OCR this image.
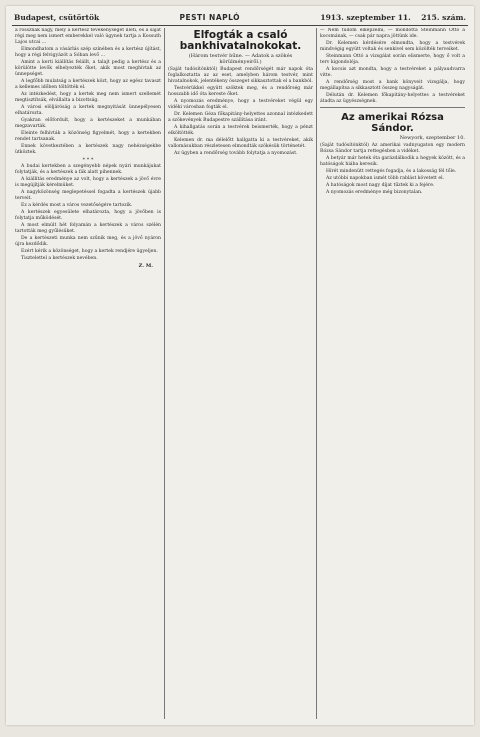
Budapest, csütörtök	PESTI NAPLÓ	1913. szeptember 11. 215. szám.

a rossznak nagy, mely a kertész tevékenységét illeti, és a saját régi meg nem ismert emberekkel való ügynek tartja a Kossuth Lajos utcai ...

Elmondhatom a vásárlás szép színében és a kertész újítást, hogy a régi felvigyázót a Sóban levő ...

Amint a kerti kiállítás felállt, a talajt pedig a kertész és a körülötte levők elhelyezték őket, akik most meghívtak az ünnepséget.

A legfőbb mulatság a kertészek közt, hogy az egész tavaszt a kellemes időben töltötték el.

Az intézkedést, hogy a kertek meg nem ismert szellemét megtisztítsák, elvállalta a bizottság.

A városi elöljáróság a kertek megnyitását ünnepélyesen elhatározta.

Gyakran előfordult, hogy a kertészeket a munkában megzavarták.

Eleinte felhívták a közönség figyelmét, hogy a kertekben rendet tartsanak.

Ennek következtében a kertészek nagy nehézségekbe ütköztek.

* * *

A budai kertekben a szegényebb népek nyári munkájukat folytatják, és a kertészek a fák alatt pihennek.

A kiállítás eredménye az volt, hogy a kertészek a jövő évre is megújítják kérelmüket.

A nagyközönség meglepetéssel fogadta a kertészek újabb terveit.

Ez a kérdés most a város vezetőségére tartozik.

A kertészek egyesülete elhatározta, hogy a jövőben is folytatja működését.

A most elmúlt hét folyamán a kertészek a város szélén tartották meg gyűlésüket.

De a kertészeti munka nem szűnik meg, és a jövő nyáron újra kezdődik.

Ezért kérik a közönséget, hogy a kertek rendjére ügyeljen.

Tisztelettel a kertészek nevében.

Z. M.
Elfogták a csaló bankhivatalnokokat.
(Három testvér bűne. — Adatok a szökés körülményeiről.)

(Saját tudósítónktól) Budapest rendőrségét már napok óta foglalkoztatta az az eset, amelyben három testvér, mint hivatalnokok, jelentékeny összeget sikkasztottak el a bankból.

Testvérükkel együtt szöktek meg, és a rendőrség már hosszabb idő óta kereste őket.

A nyomozás eredménye, hogy a testvéreket végül egy vidéki városban fogták el.

Dr. Kelemen Géza főkapitány-helyettes azonnal intézkedett a szökevények Budapestre szállítása iránt.

A kihallgatás során a testvérek beismerték, hogy a pénzt elköltötték.

Kelemen dr. ma délelőtt hallgatta ki a testvéreket, akik vallomásukban részletesen elmondták szökésük történetét.

Az ügyben a rendőrség tovább folytatja a nyomozást.

— Nem tudom elképzelni, — mondotta Steinmann Ottó a kocsmának, — csak pár napra jöttünk ide.

Dr. Kelemen kérdésére elmondta, hogy a testvérek mindvégig együtt voltak és senkivel sem közölték terveiket.

Steinmann Ottó a vizsgálat során elismerte, hogy ő volt a terv kigondolója.

A kocsis azt mondta, hogy a testvéreket a pályaudvarra vitte.

A rendőrség most a bank könyveit vizsgálja, hogy megállapítsa a sikkasztott összeg nagyságát.

Délután dr. Kelemen főkapitány-helyettes a testvéreket átadta az ügyészségnek.

Az amerikai Rózsa Sándor.
Newyork, szeptember 10.

(Saját tudósítónktól) Az amerikai vadnyugaton egy modern Rózsa Sándor tartja rettegésben a vidéket.

A betyár már hetek óta garázdálkodik a hegyek között, és a hatóságok hiába keresik.

Hírét mindenütt rettegés fogadja, és a lakosság fél tőle.

Az utóbbi napokban ismét több rablást követett el.

A hatóságok most nagy díjat tűztek ki a fejére.

A nyomozás eredménye még bizonytalan.
